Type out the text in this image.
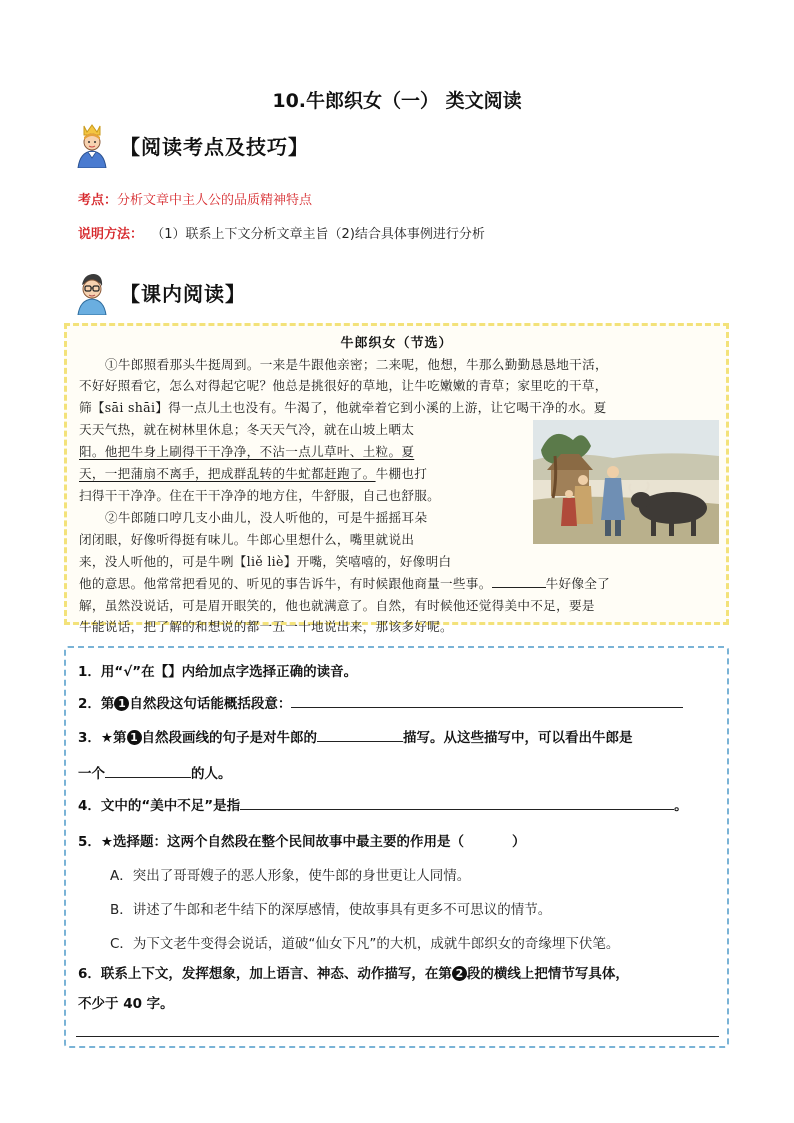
10.牛郎织女（一） 类文阅读
【阅读考点及技巧】
考点：分析文章中主人公的品质精神特点
说明方法： （1）联系上下文分析文章主旨（2)结合具体事例进行分析
【课内阅读】
牛郎织女（节选）
①牛郎照看那头牛挺周到。一来是牛跟他亲密；二来呢，他想，牛那么勤勤恳恳地干活，
不好好照看它，怎么对得起它呢？他总是挑很好的草地，让牛吃嫩嫩的青草；家里吃的干草，
筛【sāi shāi】得一点儿土也没有。牛渴了，他就牵着它到小溪的上游，让它喝干净的水。夏
天天气热，就在树林里休息；冬天天气冷，就在山坡上晒太
阳。他把牛身上刷得干干净净，不沾一点儿草叶、土粒。夏
天，一把蒲扇不离手，把成群乱转的牛虻都赶跑了。牛棚也打
扫得干干净净。住在干干净净的地方住，牛舒服，自己也舒服。
②牛郎随口哼几支小曲儿，没人听他的，可是牛摇摇耳朵
闭闭眼，好像听得挺有味儿。牛郎心里想什么，嘴里就说出
来，没人听他的，可是牛咧【liě liè】开嘴，笑嘻嘻的，好像明白
他的意思。他常常把看见的、听见的事告诉牛，有时候跟他商量一些事。	牛好像全了
解，虽然没说话，可是眉开眼笑的，他也就满意了。自然，有时候他还觉得美中不足，要是
牛能说话，把了解的和想说的都一五一十地说出来，那该多好呢。
1．用“√”在【】内给加点字选择正确的读音。
2．第 1 自然段这句话能概括段意：
3．★第 1 自然段画线的句子是对牛郎的	描写。从这些描写中，可以看出牛郎是
一个	的人。
4．文中的“美中不足”是指	。
5．★选择题：这两个自然段在整个民间故事中最主要的作用是（	）
A．突出了哥哥嫂子的恶人形象，使牛郎的身世更让人同情。
B．讲述了牛郎和老牛结下的深厚感情，使故事具有更多不可思议的情节。
C．为下文老牛变得会说话，道破“仙女下凡”的大机，成就牛郎织女的奇缘埋下伏笔。
6．联系上下文，发挥想象，加上语言、神态、动作描写，在第 2 段的横线上把情节写具体，
不少于 40 字。
